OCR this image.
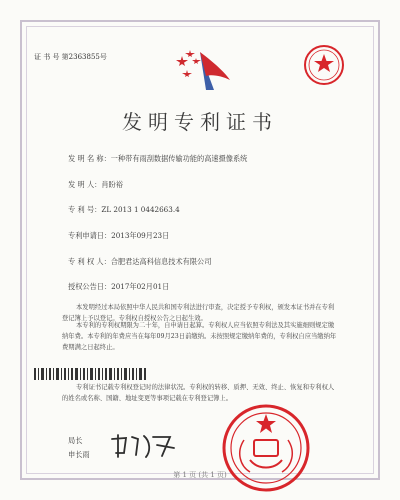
证 书 号 第2363855号
发明专利证书
发 明 名 称：一种带有雨刮数据传输功能的高速摄像系统
发 明 人：肖盼裕
专 利 号：ZL 2013 1 0442663.4
专利申请日：2013年09月23日
专 利 权 人：合肥君达高科信息技术有限公司
授权公告日：2017年02月01日
本发明经过本局依照中华人民共和国专利法进行审查，决定授予专利权，颁发本证书并在专利登记簿上予以登记。专利权自授权公告之日起生效。
本专利的专利权期限为二十年，自申请日起算。专利权人应当依照专利法及其实施细则规定缴纳年费。本专利的年费应当在每年09月23日前缴纳。未按照规定缴纳年费的，专利权自应当缴纳年费期满之日起终止。
专利证书记载专利权登记时的法律状况。专利权的转移、质押、无效、终止、恢复和专利权人的姓名或名称、国籍、地址变更等事项记载在专利登记簿上。
局长
申长雨
第 1 页 (共 1 页)
